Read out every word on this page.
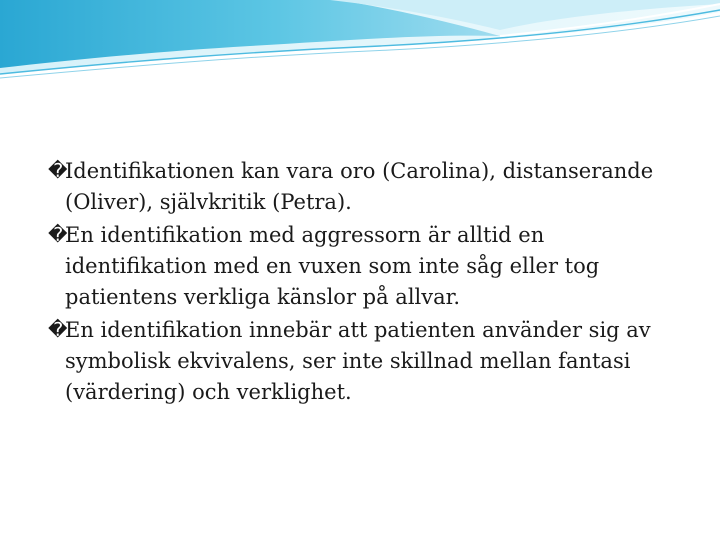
�
Identifikationen kan vara oro (Carolina), distanserande (Oliver), självkritik (Petra).
�
En identifikation med aggressorn är alltid en identifikation med en vuxen som inte såg eller tog patientens verkliga känslor på allvar.
�
En identifikation innebär att patienten använder sig av symbolisk ekvivalens, ser inte skillnad mellan fantasi (värdering) och verklighet.
